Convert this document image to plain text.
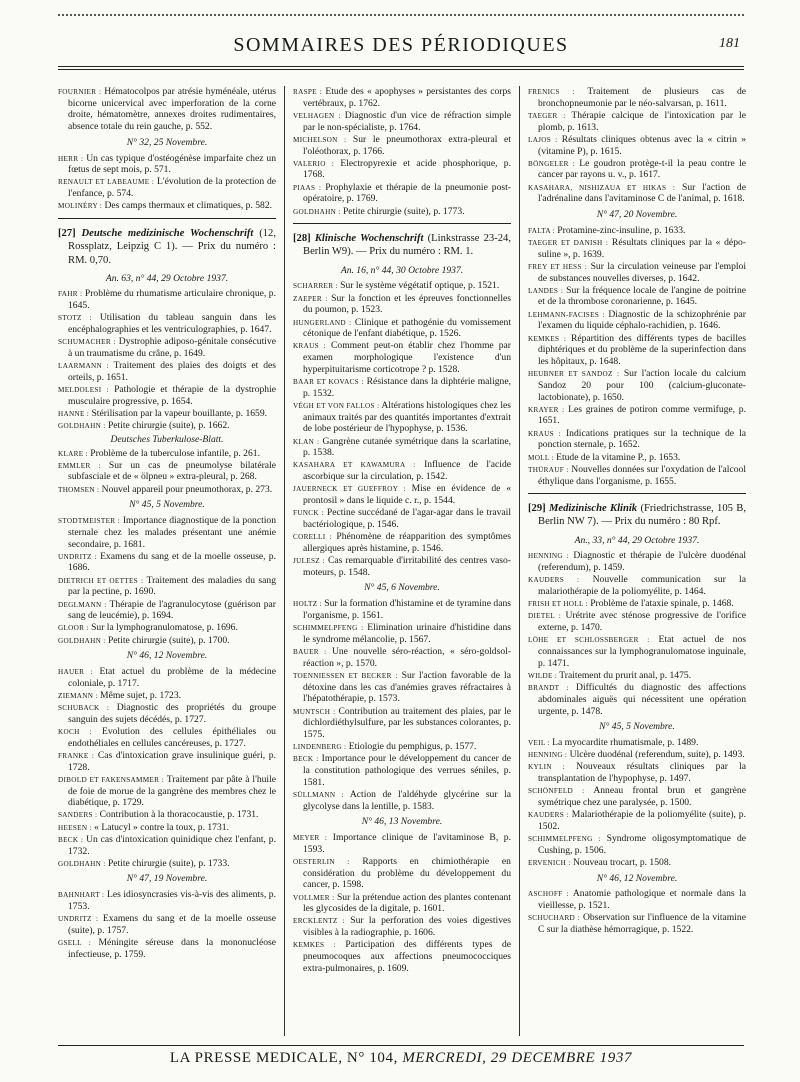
SOMMAIRES DES PÉRIODIQUES	181
FOURNIER : Hématocolpos par atrésie hyménéale, utérus bicorne unicervical avec imperforation de la corne droite, hématomètre, annexes droites rudimentaires, absence totale du rein gauche, p. 552.
N° 32, 25 Novembre.
HERR : Un cas typique d'ostéogénèse imparfaite chez un fœtus de sept mois, p. 571.
RENAULT ET LABEAUME : L'évolution de la protection de l'enfance, p. 574.
MOLINÉRY : Des camps thermaux et climatiques, p. 582.
[27] Deutsche medizinische Wochenschrift (12, Rossplatz, Leipzig C 1). — Prix du numéro : RM. 0,70.
An. 63, n° 44, 29 Octobre 1937.
FAHR : Problème du rhumatisme articulaire chronique, p. 1645.
STOTZ : Utilisation du tableau sanguin dans les encéphalographies et les ventriculographies, p. 1647.
SCHUMACHER : Dystrophie adiposo-génitale consécutive à un traumatisme du crâne, p. 1649.
LAARMANN : Traitement des plaies des doigts et des orteils, p. 1651.
MELDOLESI : Pathologie et thérapie de la dystrophie musculaire progressive, p. 1654.
HANNE : Stérilisation par la vapeur bouillante, p. 1659.
GOLDHAHN : Petite chirurgie (suite), p. 1662.
Deutsches Tuberkulose-Blatt.
KLARE : Problème de la tuberculose infantile, p. 261.
EMMLER : Sur un cas de pneumolyse bilatérale subfasciale et de « ölpneu » extra-pleural, p. 268.
THOMSEN : Nouvel appareil pour pneumothorax, p. 273.
N° 45, 5 Novembre.
STODTMEISTER : Importance diagnostique de la ponction sternale chez les malades présentant une anémie secondaire, p. 1681.
UNDRITZ : Examens du sang et de la moelle osseuse, p. 1686.
DIETRICH ET OETTES : Traitement des maladies du sang par la pectine, p. 1690.
DEGLMANN : Thérapie de l'agranulocytose (guérison par sang de leucémie), p. 1694.
GLOOR : Sur la lymphogranulomatose, p. 1696.
GOLDHAHN : Petite chirurgie (suite), p. 1700.
N° 46, 12 Novembre.
HAUER : Etat actuel du problème de la médecine coloniale, p. 1717.
ZIEMANN : Même sujet, p. 1723.
SCHUBACK : Diagnostic des propriétés du groupe sanguin des sujets décédés, p. 1727.
KOCH : Evolution des cellules épithéliales ou endothéliales en cellules cancéreuses, p. 1727.
FRANKE : Cas d'intoxication grave insulinique guéri, p. 1728.
DIBOLD ET FAKENSAMMER : Traitement par pâte à l'huile de foie de morue de la gangrène des membres chez le diabétique, p. 1729.
SANDERS : Contribution à la thoracocaustie, p. 1731.
HEESEN : « Latucyl » contre la toux, p. 1731.
BECK : Un cas d'intoxication quinidique chez l'enfant, p. 1732.
GOLDHAHN : Petite chirurgie (suite), p. 1733.
N° 47, 19 Novembre.
BAHNHART : Les idiosyncrasies vis-à-vis des aliments, p. 1753.
UNDRITZ : Examens du sang et de la moelle osseuse (suite), p. 1757.
GSELL : Méningite séreuse dans la mononucléose infectieuse, p. 1759.
RASPE : Etude des « apophyses » persistantes des corps vertébraux, p. 1762.
VELHAGEN : Diagnostic d'un vice de réfraction simple par le non-spécialiste, p. 1764.
MICHELSON : Sur le pneumothorax extra-pleural et l'oléothorax, p. 1766.
VALERIO : Electropyrexie et acide phosphorique, p. 1768.
PIAAS : Prophylaxie et thérapie de la pneumonie post-opératoire, p. 1769.
GOLDHAHN : Petite chirurgie (suite), p. 1773.
[28] Klinische Wochenschrift (Linkstrasse 23-24, Berlin W9). — Prix du numéro : RM. 1.
An. 16, n° 44, 30 Octobre 1937.
SCHARRER : Sur le système végétatif optique, p. 1521.
ZAEPER : Sur la fonction et les épreuves fonctionnelles du poumon, p. 1523.
HUNGERLAND : Clinique et pathogénie du vomissement cétonique de l'enfant diabétique, p. 1526.
KRAUS : Comment peut-on établir chez l'homme par examen morphologique l'existence d'un hyperpituitarisme corticotrope ? p. 1528.
BAAR ET KOVACS : Résistance dans la diphtérie maligne, p. 1532.
VÉGH ET VON FALLOS : Altérations histologiques chez les animaux traités par des quantités importantes d'extrait de lobe postérieur de l'hypophyse, p. 1536.
KLAN : Gangrène cutanée symétrique dans la scarlatine, p. 1538.
KASAHARA ET KAWAMURA : Influence de l'acide ascorbique sur la circulation, p. 1542.
JAUERNECK ET GUEFFROY : Mise en évidence de « prontosil » dans le liquide c. r., p. 1544.
FUNCK : Pectine succédané de l'agar-agar dans le travail bactériologique, p. 1546.
CORELLI : Phénomène de réapparition des symptômes allergiques après histamine, p. 1546.
JULESZ : Cas remarquable d'irritabilité des centres vaso-moteurs, p. 1548.
N° 45, 6 Novembre.
HOLTZ : Sur la formation d'histamine et de tyramine dans l'organisme, p. 1561.
SCHIMMELPFENG : Elimination urinaire d'histidine dans le syndrome mélancolie, p. 1567.
BAUER : Une nouvelle séro-réaction, « séro-goldsol-réaction », p. 1570.
TOENNIESSEN ET BECKER : Sur l'action favorable de la détoxine dans les cas d'anémies graves réfractaires à l'hépatothérapie, p. 1573.
MUNTSCH : Contribution au traitement des plaies, par le dichlordiéthylsulfure, par les substances colorantes, p. 1575.
LINDENBERG : Etiologie du pemphigus, p. 1577.
BECK : Importance pour le développement du cancer de la constitution pathologique des verrues séniles, p. 1581.
SÜLLMANN : Action de l'aldéhyde glycérine sur la glycolyse dans la lentille, p. 1583.
N° 46, 13 Novembre.
MEYER : Importance clinique de l'avitaminose B, p. 1593.
OESTERLIN : Rapports en chimiothérapie en considération du problème du développement du cancer, p. 1598.
VOLLMER : Sur la prétendue action des plantes contenant les glycosides de la digitale, p. 1601.
ERCKLENTZ : Sur la perforation des voies digestives visibles à la radiographie, p. 1606.
KEMKES : Participation des différents types de pneumocoques aux affections pneumococciques extra-pulmonaires, p. 1609.
FRENICS : Traitement de plusieurs cas de bronchopneumonie par le néo-salvarsan, p. 1611.
TAEGER : Thérapie calcique de l'intoxication par le plomb, p. 1613.
LAJOS : Résultats cliniques obtenus avec la « citrin » (vitamine P), p. 1615.
BÖNGELER : Le goudron protège-t-il la peau contre le cancer par rayons u. v., p. 1617.
KASAHARA, NISHIZAUA ET HIKAS : Sur l'action de l'adrénaline dans l'avitaminose C de l'animal, p. 1618.
N° 47, 20 Novembre.
FALTA : Protamine-zinc-insuline, p. 1633.
TAEGER ET DANISH : Résultats cliniques par la « dépo-suline », p. 1639.
FREY ET HESS : Sur la circulation veineuse par l'emploi de substances nouvelles diverses, p. 1642.
LANDES : Sur la fréquence locale de l'angine de poitrine et de la thrombose coronarienne, p. 1645.
LEHMANN-FACISES : Diagnostic de la schizophrénie par l'examen du liquide céphalo-rachidien, p. 1646.
KEMKES : Répartition des différents types de bacilles diphtériques et du problème de la superinfection dans les hôpitaux, p. 1648.
HEUBNER ET SANDOZ : Sur l'action locale du calcium Sandoz 20 pour 100 (calcium-gluconate-lactobionate), p. 1650.
KRAYER : Les graines de potiron comme vermifuge, p. 1651.
KRAUS : Indications pratiques sur la technique de la ponction sternale, p. 1652.
MOLL : Etude de la vitamine P., p. 1653.
THÜRAUF : Nouvelles données sur l'oxydation de l'alcool éthylique dans l'organisme, p. 1655.
[29] Medizinische Klinik (Friedrichstrasse, 105 B, Berlin NW 7). — Prix du numéro : 80 Rpf.
An., 33, n° 44, 29 Octobre 1937.
HENNING : Diagnostic et thérapie de l'ulcère duodénal (referendum), p. 1459.
KAUDERS : Nouvelle communication sur la malariothérapie de la poliomyélite, p. 1464.
FRISH ET HOLL : Problème de l'ataxie spinale, p. 1468.
DIETEL : Urétrite avec sténose progressive de l'orifice externe, p. 1470.
LÖHE ET SCHLOSSBERGER : Etat actuel de nos connaissances sur la lymphogranulomatose inguinale, p. 1471.
WILDE : Traitement du prurit anal, p. 1475.
BRANDT : Difficultés du diagnostic des affections abdominales aiguës qui nécessitent une opération urgente, p. 1478.
N° 45, 5 Novembre.
VEIL : La myocardite rhumatismale, p. 1489.
HENNING : Ulcère duodénal (referendum, suite), p. 1493.
KYLIN : Nouveaux résultats cliniques par la transplantation de l'hypophyse, p. 1497.
SCHÖNFELD : Anneau frontal brun et gangrène symétrique chez une paralysée, p. 1500.
KAUDERS : Malariothérapie de la poliomyélite (suite), p. 1502.
SCHIMMELPFENG : Syndrome oligosymptomatique de Cushing, p. 1506.
ERVENICH : Nouveau trocart, p. 1508.
N° 46, 12 Novembre.
ASCHOFF : Anatomie pathologique et normale dans la vieillesse, p. 1521.
SCHUCHARD : Observation sur l'influence de la vitamine C sur la diathèse hémorragique, p. 1522.
LA PRESSE MEDICALE, N° 104, MERCREDI, 29 DECEMBRE 1937
